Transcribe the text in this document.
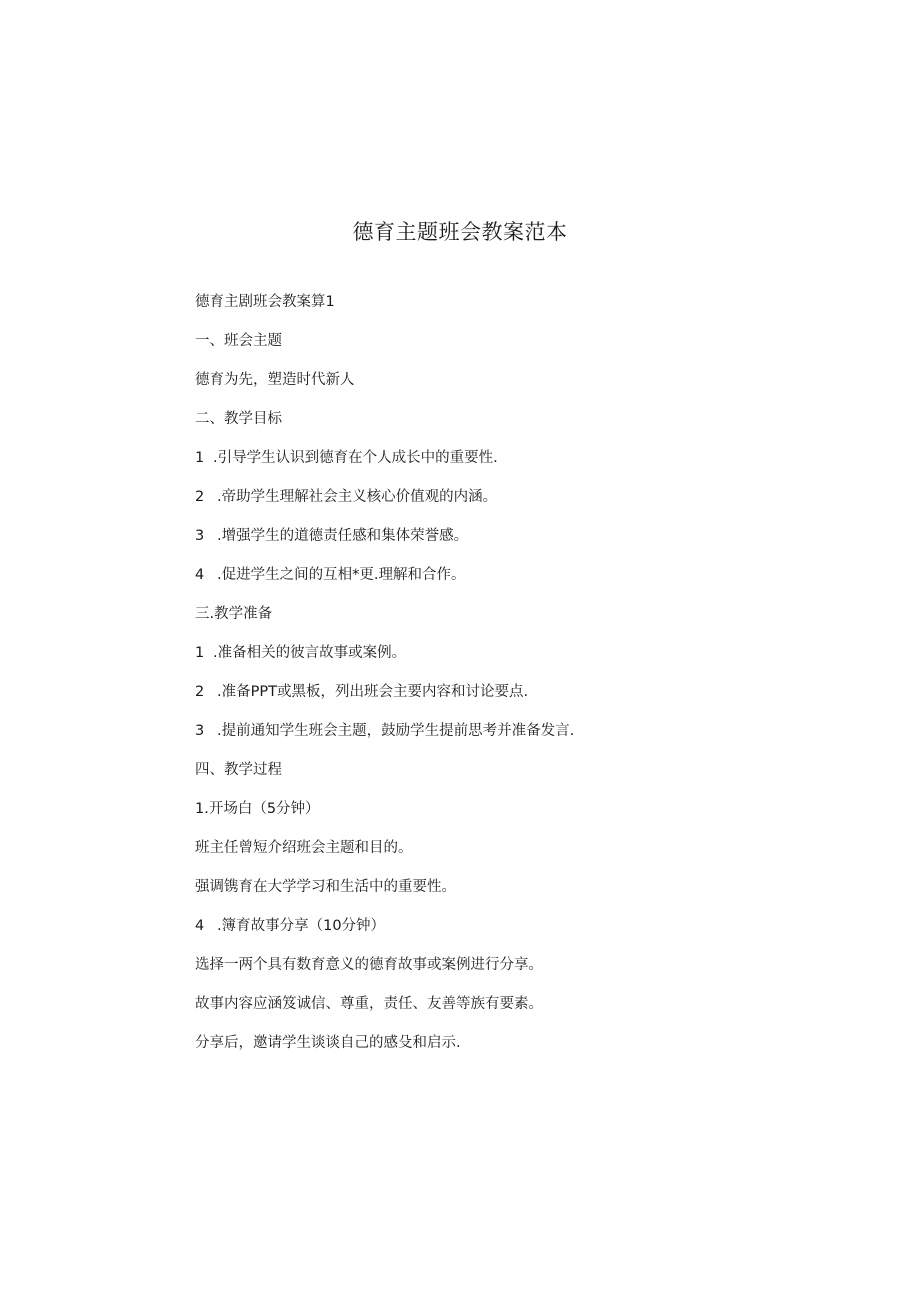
德育主题班会教案范本

德育主剧班会教案算1

一、班会主题

德育为先，塑造时代新人

二、教学目标

1 .引导学生认识到德育在个人成长中的重要性.

2 .帝助学生理解社会主义核心价值观的内涵。

3 .增强学生的道德责任感和集体荣誉感。

4 .促进学生之间的互相*更.理解和合作。

三.教学准备

1 .准备相关的彼言故事或案例。

2 .准备PPT或黑板，列出班会主要内容和讨论要点.

3 .提前通知学生班会主题，鼓励学生提前思考并准备发言.

四、教学过程

1.开场白（5分钟）

班主任曾短介绍班会主题和目的。

强调镌育在大学学习和生活中的重要性。

4 .簿育故事分享（10分钟）

选择一两个具有数育意义的德育故事或案例进行分享。

故事内容应涵笈诚信、尊重，责任、友善等族有要素。

分享后，邀请学生谈谈自己的感殳和启示.
